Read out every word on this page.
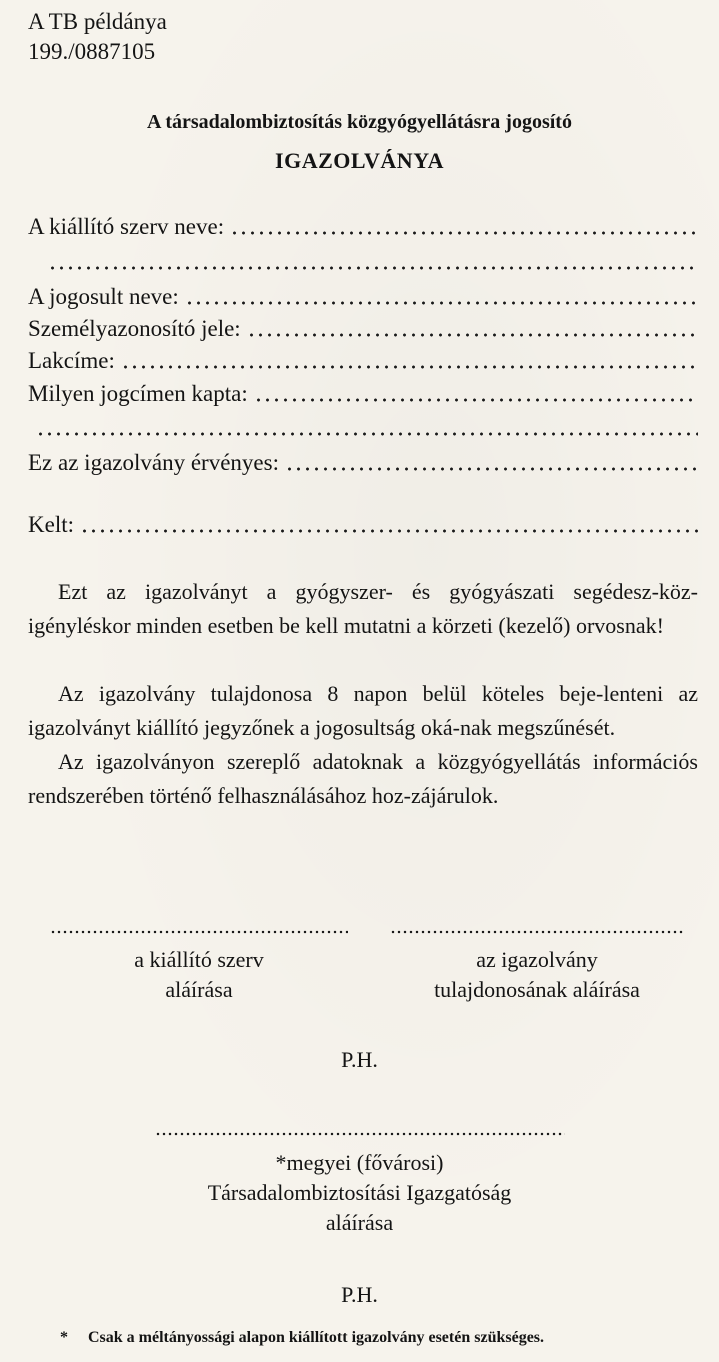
A TB példánya
199./0887105
A társadalombiztosítás közgyógyellátásra jogosító
IGAZOLVÁNYA
A kiállító szerv neve:
A jogosult neve:
Személyazonosító jele:
Lakcíme:
Milyen jogcímen kapta:
Ez az igazolvány érvényes:
Kelt:

Ezt az igazolványt a gyógyszer- és gyógyászati segédesz-köz-igényléskor minden esetben be kell mutatni a körzeti (kezelő) orvosnak!

Az igazolvány tulajdonosa 8 napon belül köteles beje-lenteni az igazolványt kiállító jegyzőnek a jogosultság oká-nak megszűnését.

Az igazolványon szereplő adatoknak a közgyógyellátás információs rendszerében történő felhasználásához hoz-zájárulok.

a kiállító szerv
aláírása
az igazolvány
tulajdonosának aláírása
P.H.
*megyei (fővárosi)
Társadalombiztosítási Igazgatóság
aláírása
P.H.
* Csak a méltányossági alapon kiállított igazolvány esetén szükséges.
